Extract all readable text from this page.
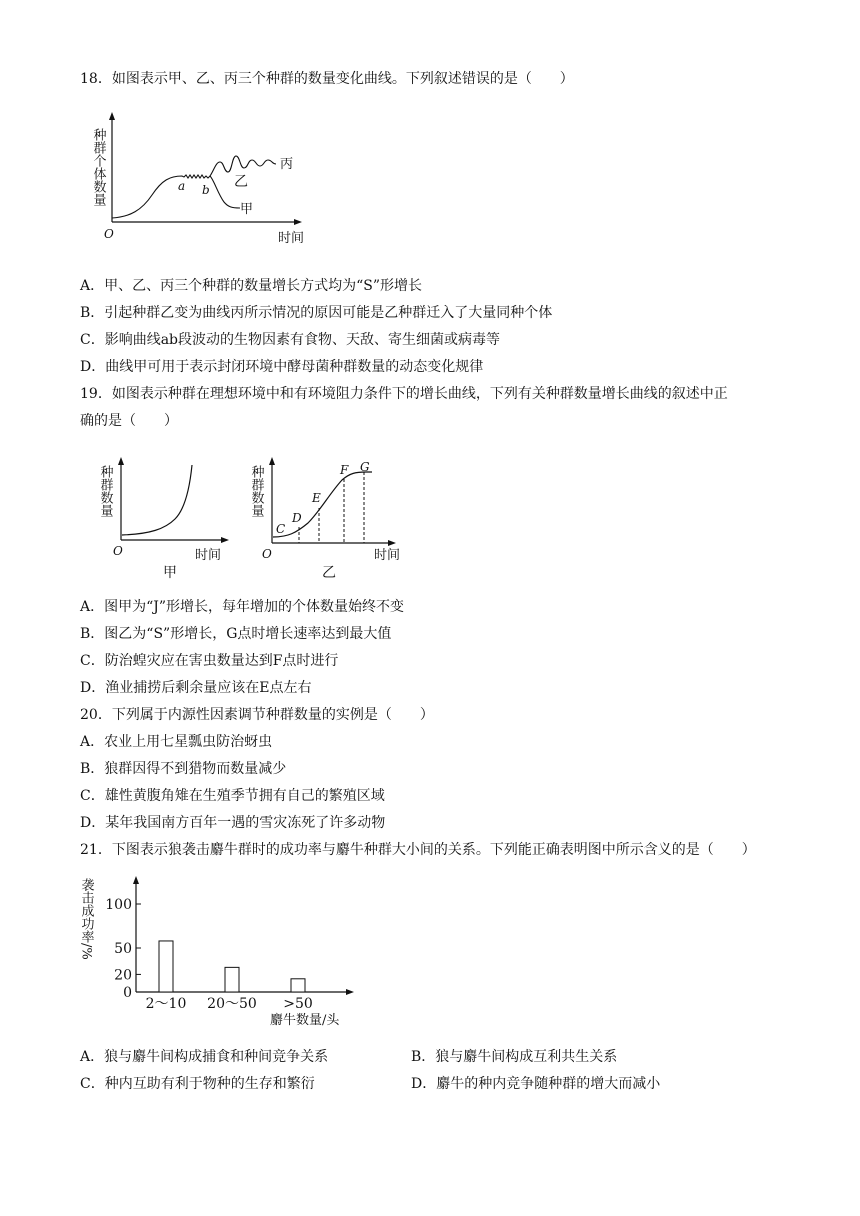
18．如图表示甲、乙、丙三个种群的数量变化曲线。下列叙述错误的是（　　）
种群个体数量
O	时间
a b 乙
丙
甲
A．甲、乙、丙三个种群的数量增长方式均为“S”形增长
B．引起种群乙变为曲线丙所示情况的原因可能是乙种群迁入了大量同种个体
C．影响曲线ab段波动的生物因素有食物、天敌、寄生细菌或病毒等
D．曲线甲可用于表示封闭环境中酵母菌种群数量的动态变化规律
19．如图表示种群在理想环境中和有环境阻力条件下的增长曲线，下列有关种群数量增长曲线的叙述中正
确的是（　　）
种群数量
O	时间
甲
种群数量
O	时间
乙
C
D
E
F G
A．图甲为“J”形增长，每年增加的个体数量始终不变
B．图乙为“S”形增长，G点时增长速率达到最大值
C．防治蝗灾应在害虫数量达到F点时进行
D．渔业捕捞后剩余量应该在E点左右
20．下列属于内源性因素调节种群数量的实例是（　　）
A．农业上用七星瓢虫防治蚜虫
B．狼群因得不到猎物而数量减少
C．雄性黄腹角雉在生殖季节拥有自己的繁殖区域
D．某年我国南方百年一遇的雪灾冻死了许多动物
21．下图表示狼袭击麝牛群时的成功率与麝牛种群大小间的关系。下列能正确表明图中所示含义的是（　　）
袭击成功率/%
麝牛数量/头
0
20
50
100
2～10 20～50 >50
A．狼与麝牛间构成捕食和种间竞争关系	B．狼与麝牛间构成互利共生关系
C．种内互助有利于物种的生存和繁衍	D．麝牛的种内竞争随种群的增大而减小
